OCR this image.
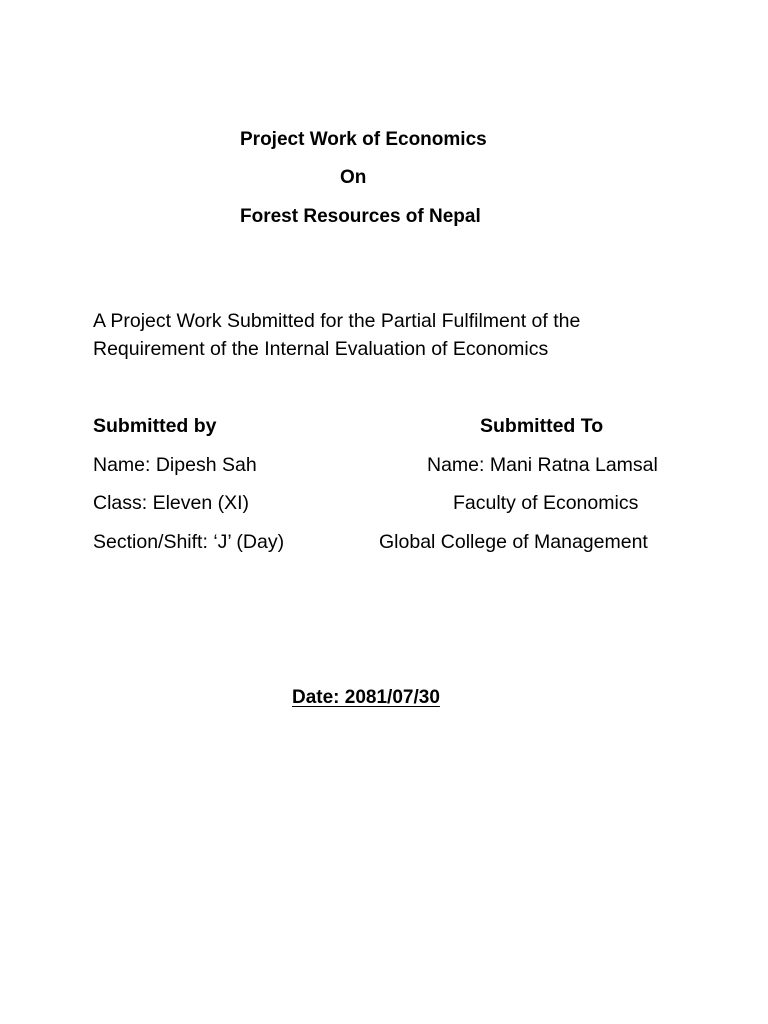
Project Work of Economics
On
Forest Resources of Nepal
A Project Work Submitted for the Partial Fulfilment of the
Requirement of the Internal Evaluation of Economics
Submitted by
Name: Dipesh Sah
Class: Eleven (XI)
Section/Shift: ‘J’ (Day)
Submitted To
Name: Mani Ratna Lamsal
Faculty of Economics
Global College of Management
Date: 2081/07/30
